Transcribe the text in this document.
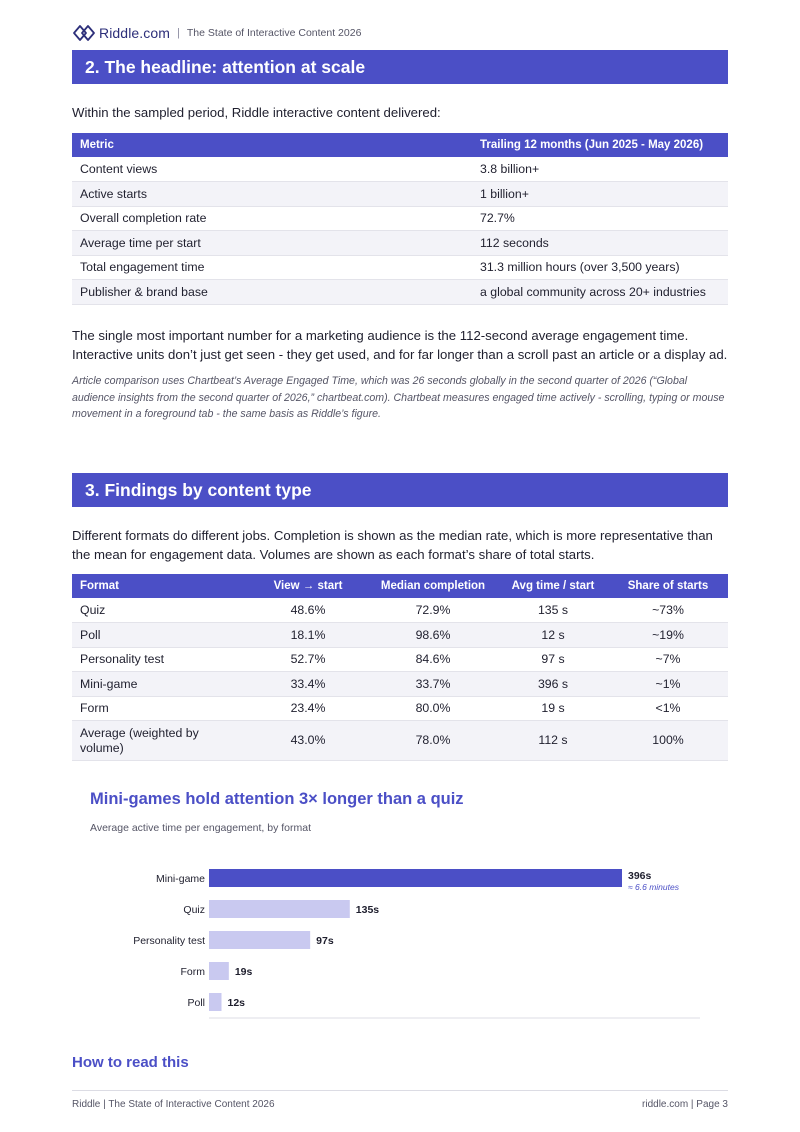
Riddle.com | The State of Interactive Content 2026
2. The headline: attention at scale
Within the sampled period, Riddle interactive content delivered:
Metric	Trailing 12 months (Jun 2025 - May 2026)
Content views	3.8 billion+
Active starts	1 billion+
Overall completion rate	72.7%
Average time per start	112 seconds
Total engagement time	31.3 million hours (over 3,500 years)
Publisher & brand base	a global community across 20+ industries
The single most important number for a marketing audience is the 112-second average engagement time. Interactive units don’t just get seen - they get used, and for far longer than a scroll past an article or a display ad.
Article comparison uses Chartbeat’s Average Engaged Time, which was 26 seconds globally in the second quarter of 2026 (“Global audience insights from the second quarter of 2026,” chartbeat.com). Chartbeat measures engaged time actively - scrolling, typing or mouse movement in a foreground tab - the same basis as Riddle’s figure.
3. Findings by content type
Different formats do different jobs. Completion is shown as the median rate, which is more representative than the mean for engagement data. Volumes are shown as each format’s share of total starts.
Format	View → start	Median completion	Avg time / start	Share of starts
Quiz	48.6%	72.9%	135 s	~73%
Poll	18.1%	98.6%	12 s	~19%
Personality test	52.7%	84.6%	97 s	~7%
Mini-game	33.4%	33.7%	396 s	~1%
Form	23.4%	80.0%	19 s	<1%
Average (weighted by volume)	43.0%	78.0%	112 s	100%
Mini-games hold attention 3× longer than a quiz
Average active time per engagement, by format
Mini-game	396s
≈ 6.6 minutes
Quiz	135s
Personality test	97s
Form	19s
Poll 12s
How to read this
Riddle | The State of Interactive Content 2026	riddle.com | Page 3
